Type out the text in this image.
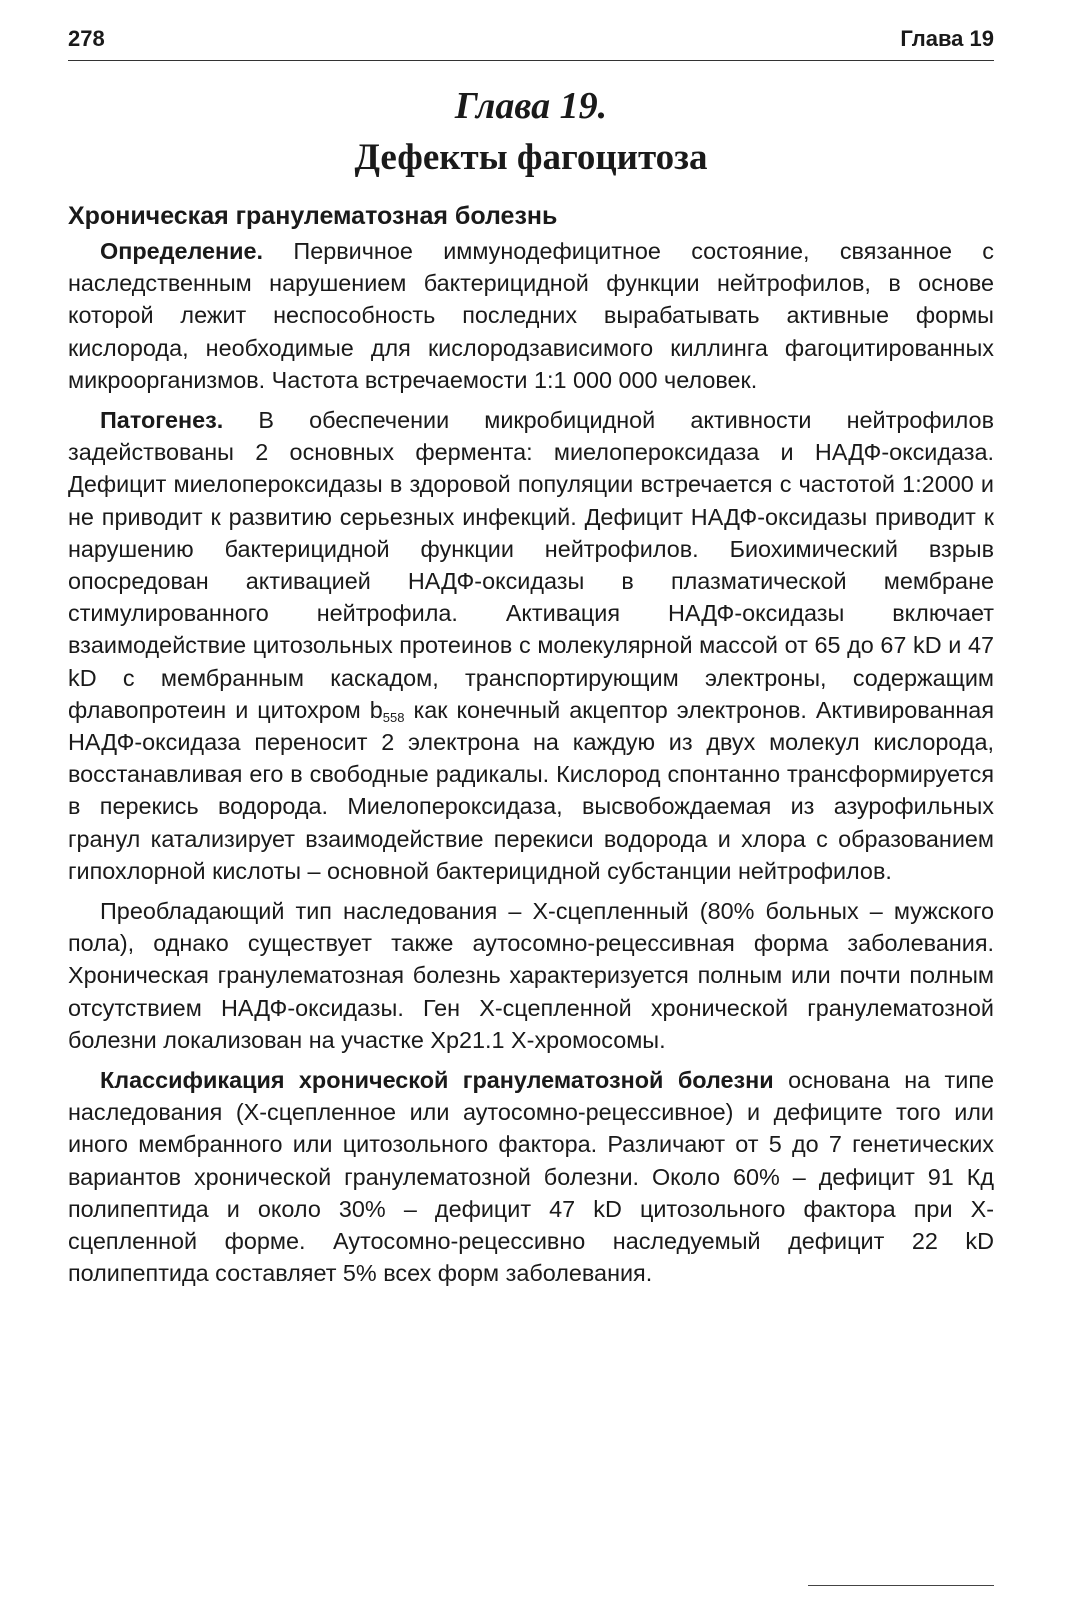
278	Глава 19
Глава 19.
Дефекты фагоцитоза
Хроническая гранулематозная болезнь

Определение. Первичное иммунодефицитное состояние, связанное с наследственным нарушением бактерицидной функции нейтрофилов, в основе которой лежит неспособность последних вырабатывать активные формы кислорода, необходимые для кислородзависимого киллинга фагоцитированных микроорганизмов. Частота встречаемости 1:1 000 000 человек.

Патогенез. В обеспечении микробицидной активности нейтрофилов задействованы 2 основных фермента: миелопероксидаза и НАДФ-оксидаза. Дефицит миелопероксидазы в здоровой популяции встречается с частотой 1:2000 и не приводит к развитию серьезных инфекций. Дефицит НАДФ-оксидазы приводит к нарушению бактерицидной функции нейтрофилов. Биохимический взрыв опосредован активацией НАДФ-оксидазы в плазматической мембране стимулированного нейтрофила. Активация НАДФ-оксидазы включает взаимодействие цитозольных протеинов с молекулярной массой от 65 до 67 kD и 47 kD с мембранным каскадом, транспортирующим электроны, содержащим флавопротеин и цитохром $b_{558}$ как конечный акцептор электронов. Активированная НАДФ-оксидаза переносит 2 электрона на каждую из двух молекул кислорода, восстанавливая его в свободные радикалы. Кислород спонтанно трансформируется в перекись водорода. Миелопероксидаза, высвобождаемая из азурофильных гранул катализирует взаимодействие перекиси водорода и хлора с образованием гипохлорной кислоты – основной бактерицидной субстанции нейтрофилов.

Преобладающий тип наследования – Х-сцепленный (80% больных – мужского пола), однако существует также аутосомно-рецессивная форма заболевания. Хроническая гранулематозная болезнь характеризуется полным или почти полным отсутствием НАДФ-оксидазы. Ген Х-сцепленной хронической гранулематозной болезни локализован на участке Хр21.1 Х-хромосомы.

Классификация хронической гранулематозной болезни основана на типе наследования (Х-сцепленное или аутосомно-рецессивное) и дефиците того или иного мембранного или цитозольного фактора. Различают от 5 до 7 генетических вариантов хронической гранулематозной болезни. Около 60% – дефицит 91 Кд полипептида и около 30% – дефицит 47 kD цитозольного фактора при Х-сцепленной форме. Аутосомно-рецессивно наследуемый дефицит 22 kD полипептида составляет 5% всех форм заболевания.
